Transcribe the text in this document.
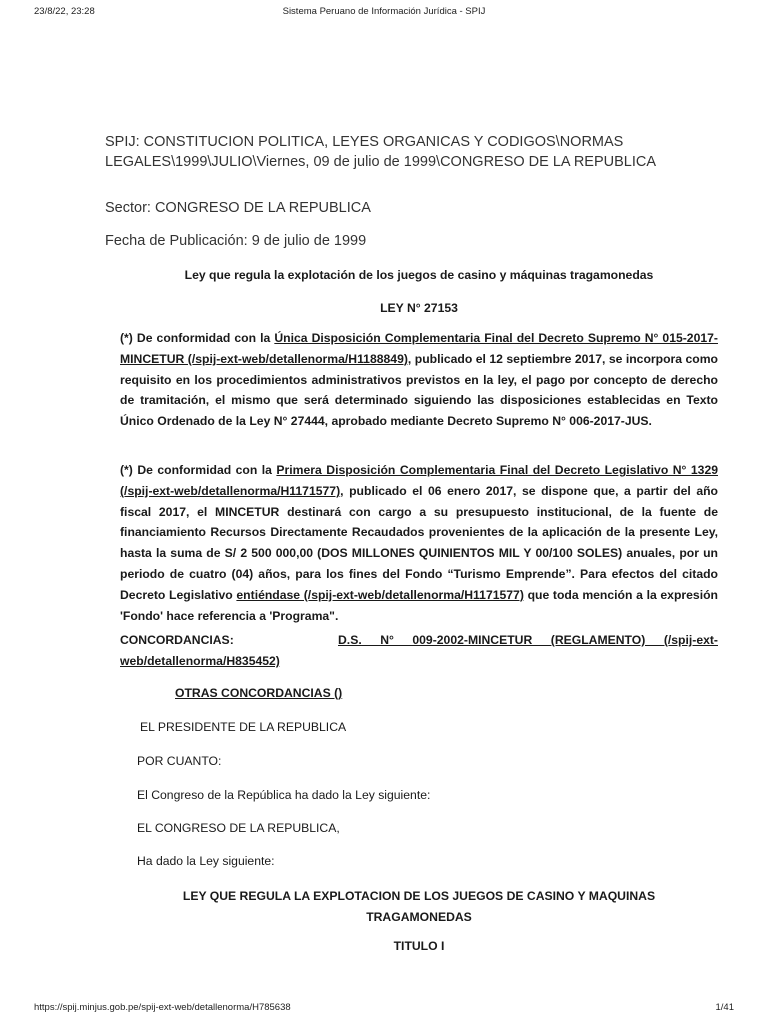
23/8/22, 23:28	Sistema Peruano de Información Jurídica - SPIJ
SPIJ: CONSTITUCION POLITICA, LEYES ORGANICAS Y CODIGOS\NORMAS
LEGALES\1999\JULIO\Viernes, 09 de julio de 1999\CONGRESO DE LA REPUBLICA
Sector: CONGRESO DE LA REPUBLICA
Fecha de Publicación: 9 de julio de 1999
Ley que regula la explotación de los juegos de casino y máquinas tragamonedas
LEY N° 27153
(*) De conformidad con la Única Disposición Complementaria Final del Decreto Supremo N° 015-2017-MINCETUR (/spij-ext-web/detallenorma/H1188849), publicado el 12 septiembre 2017, se incorpora como requisito en los procedimientos administrativos previstos en la ley, el pago por concepto de derecho de tramitación, el mismo que será determinado siguiendo las disposiciones establecidas en Texto Único Ordenado de la Ley N° 27444, aprobado mediante Decreto Supremo N° 006-2017-JUS.
(*) De conformidad con la Primera Disposición Complementaria Final del Decreto Legislativo N° 1329 (/spij-ext-web/detallenorma/H1171577), publicado el 06 enero 2017, se dispone que, a partir del año fiscal 2017, el MINCETUR destinará con cargo a su presupuesto institucional, de la fuente de financiamiento Recursos Directamente Recaudados provenientes de la aplicación de la presente Ley, hasta la suma de S/ 2 500 000,00 (DOS MILLONES QUINIENTOS MIL Y 00/100 SOLES) anuales, por un periodo de cuatro (04) años, para los fines del Fondo “Turismo Emprende”. Para efectos del citado Decreto Legislativo entiéndase (/spij-ext-web/detallenorma/H1171577) que toda mención a la expresión 'Fondo' hace referencia a 'Programa".
CONCORDANCIAS:	D.S. N° 009-2002-MINCETUR (REGLAMENTO) (/spij-ext-web/detallenorma/H835452)
OTRAS CONCORDANCIAS ()
EL PRESIDENTE DE LA REPUBLICA
POR CUANTO:
El Congreso de la República ha dado la Ley siguiente:
EL CONGRESO DE LA REPUBLICA,
Ha dado la Ley siguiente:
LEY QUE REGULA LA EXPLOTACION DE LOS JUEGOS DE CASINO Y MAQUINAS
TRAGAMONEDAS
TITULO I
https://spij.minjus.gob.pe/spij-ext-web/detallenorma/H785638	1/41
